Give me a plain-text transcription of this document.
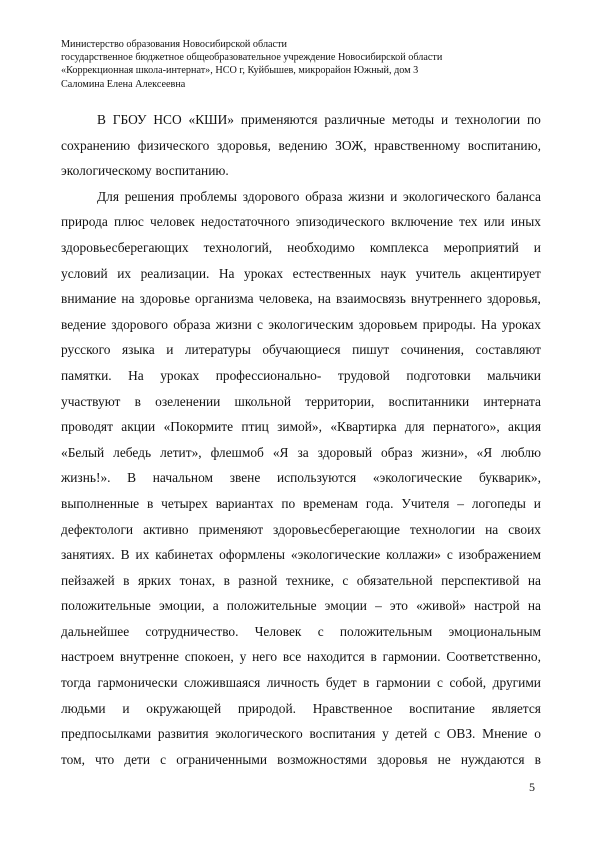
Министерство образования Новосибирской области
государственное бюджетное общеобразовательное учреждение Новосибирской области
«Коррекционная школа-интернат», НСО г, Куйбышев, микрорайон Южный, дом 3
Саломина Елена Алексеевна
В ГБОУ НСО «КШИ» применяются различные методы и технологии по
сохранению физического здоровья, ведению ЗОЖ, нравственному воспитанию,
экологическому воспитанию.
Для решения проблемы здорового образа жизни и экологического баланса
природа плюс человек недостаточного эпизодического включение тех или иных
здоровьесберегающих технологий, необходимо комплекса мероприятий и
условий их реализации. На уроках естественных наук учитель акцентирует
внимание на здоровье организма человека, на взаимосвязь внутреннего здоровья,
ведение здорового образа жизни с экологическим здоровьем природы. На уроках
русского языка и литературы обучающиеся пишут сочинения, составляют
памятки. На уроках профессионально- трудовой подготовки мальчики
участвуют в озеленении школьной территории, воспитанники интерната
проводят акции «Покормите птиц зимой», «Квартирка для пернатого», акция
«Белый лебедь летит», флешмоб «Я за здоровый образ жизни», «Я люблю
жизнь!». В начальном звене используются «экологические букварик»,
выполненные в четырех вариантах по временам года. Учителя – логопеды и
дефектологи активно применяют здоровьесберегающие технологии на своих
занятиях. В их кабинетах оформлены «экологические коллажи» с изображением
пейзажей в ярких тонах, в разной технике, с обязательной перспективой на
положительные эмоции, а положительные эмоции – это «живой» настрой на
дальнейшее сотрудничество. Человек с положительным эмоциональным
настроем внутренне спокоен, у него все находится в гармонии. Соответственно,
тогда гармонически сложившаяся личность будет в гармонии с собой, другими
людьми и окружающей природой. Нравственное воспитание является
предпосылками развития экологического воспитания у детей с ОВЗ. Мнение о
том, что дети с ограниченными возможностями здоровья не нуждаются в
5
